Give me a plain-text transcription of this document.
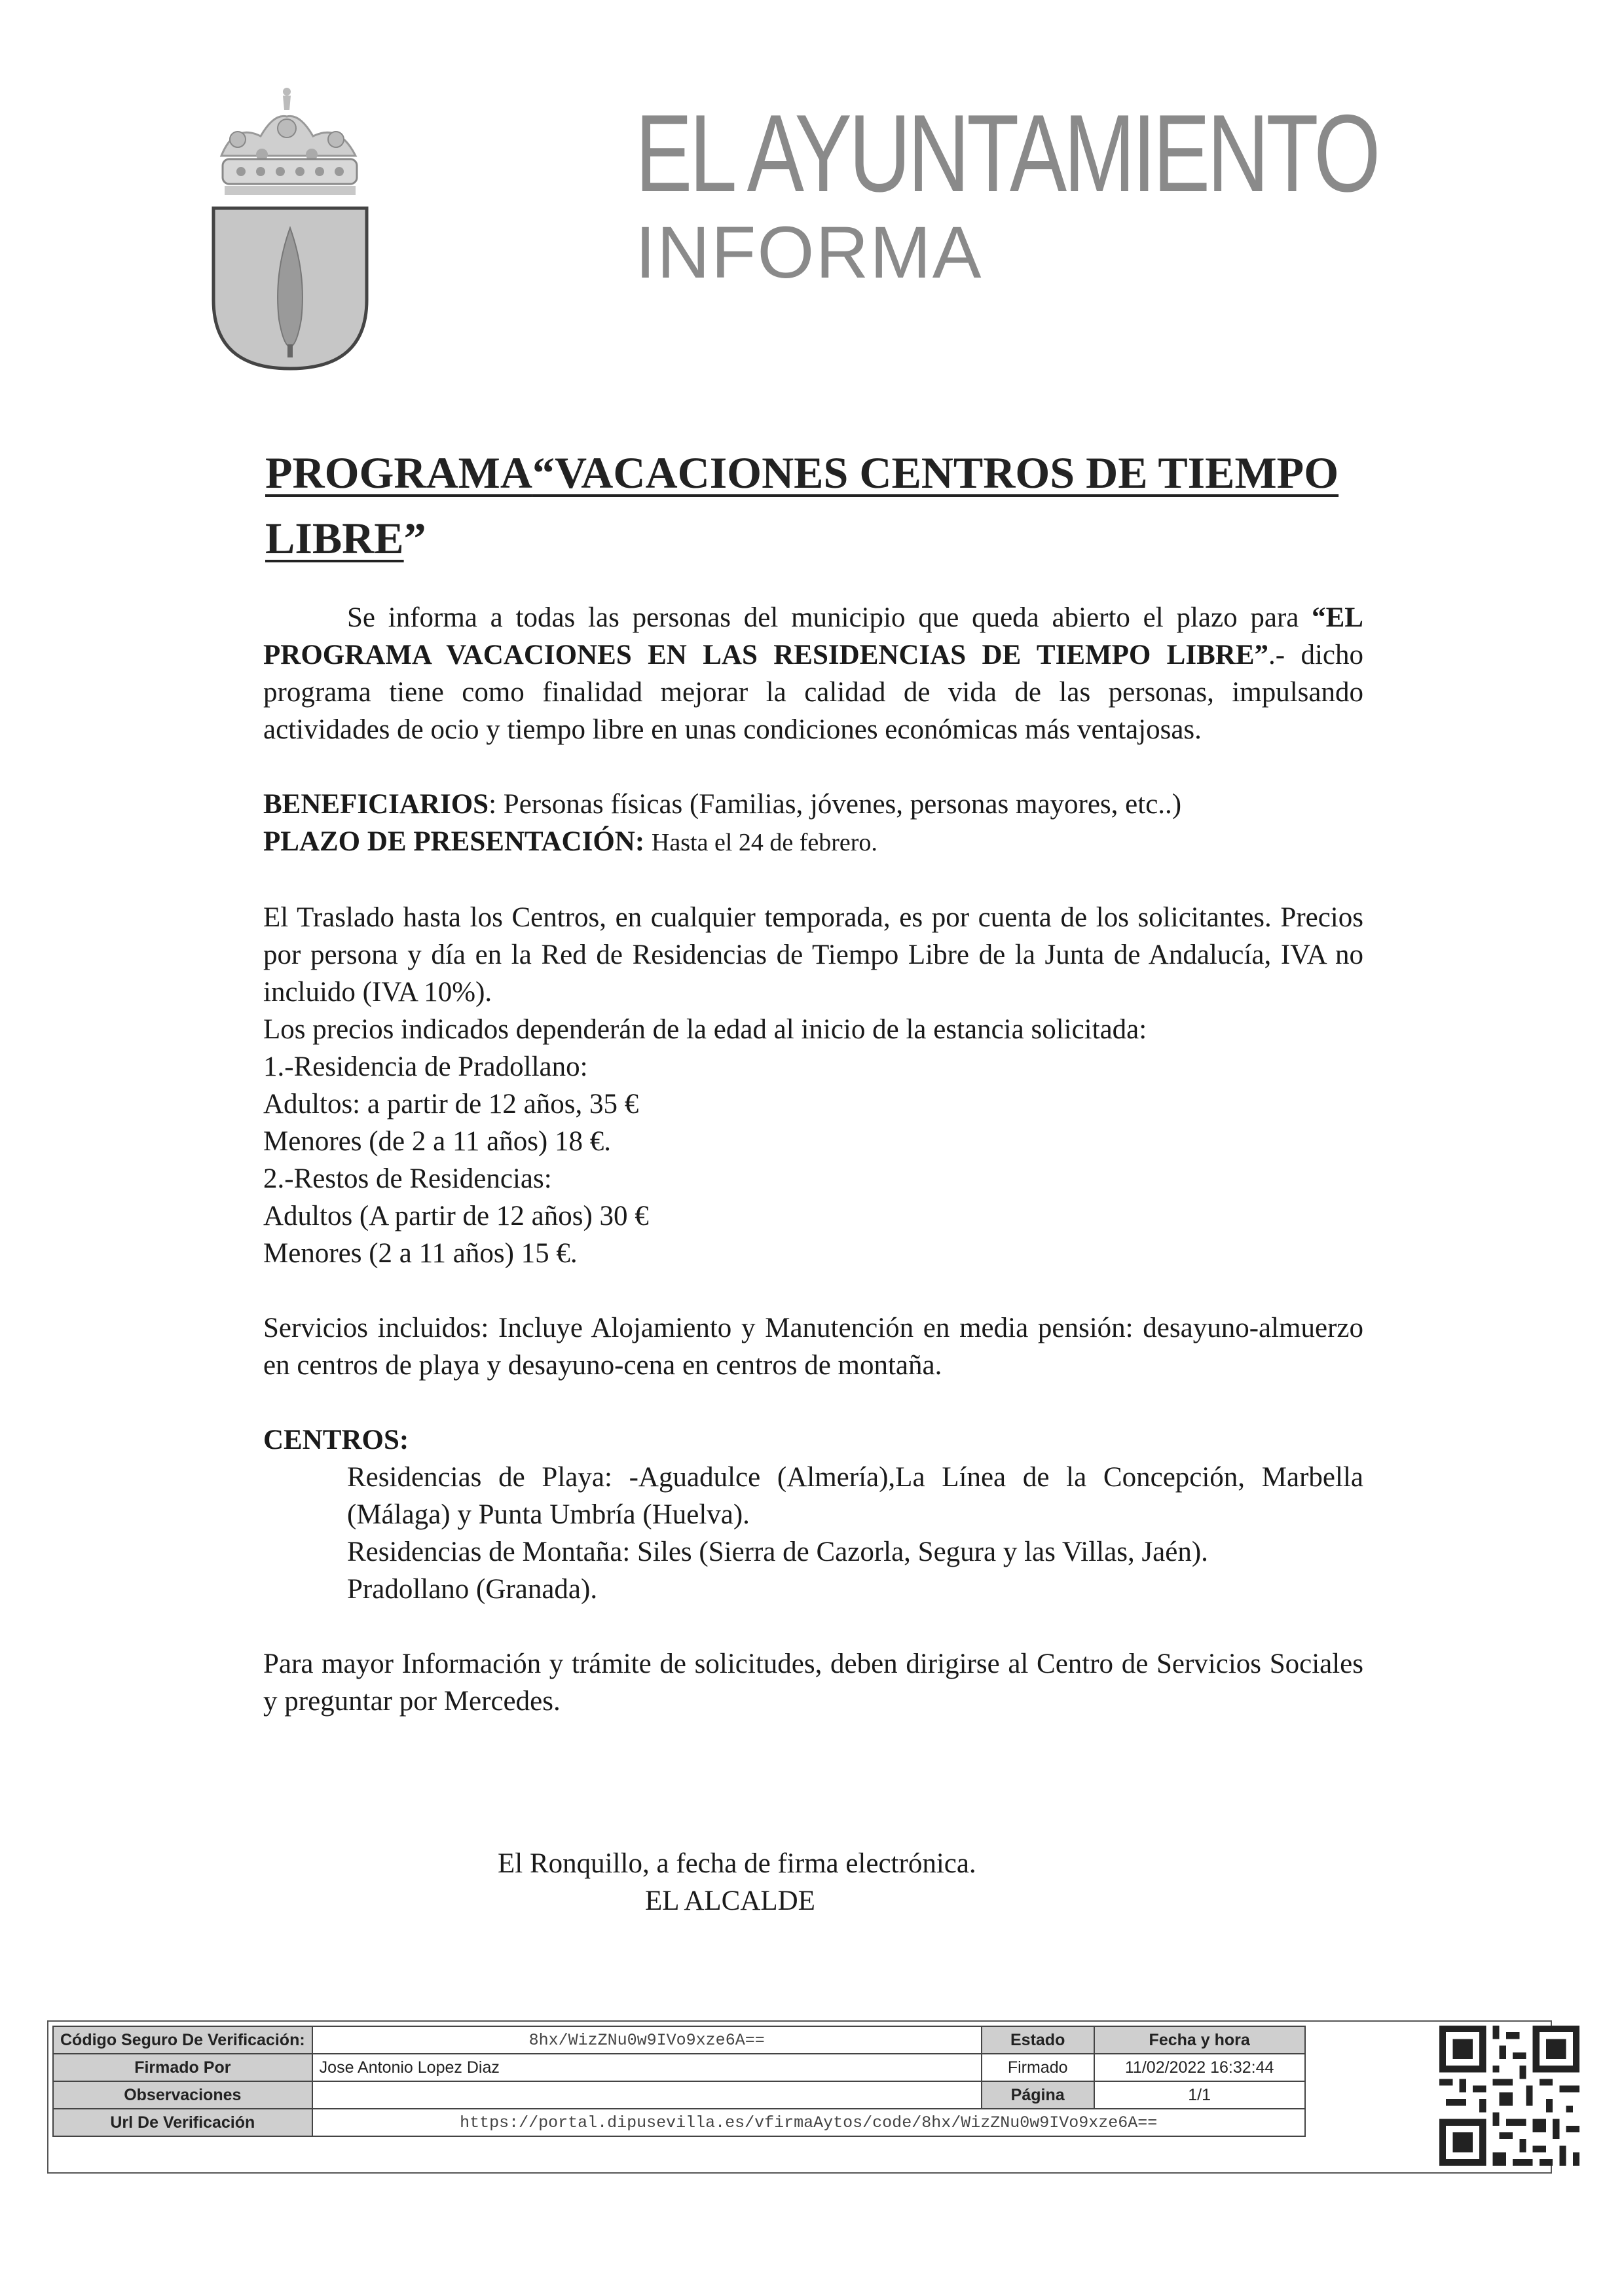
EL AYUNTAMIENTO
INFORMA
PROGRAMA“VACACIONES CENTROS DE TIEMPO LIBRE”

Se informa a todas las personas del municipio que queda abierto el plazo para “EL PROGRAMA VACACIONES EN LAS RESIDENCIAS DE TIEMPO LIBRE”.- dicho programa tiene como finalidad mejorar la calidad de vida de las personas, impulsando actividades de ocio y tiempo libre en unas condiciones económicas más ventajosas.

BENEFICIARIOS: Personas físicas (Familias, jóvenes, personas mayores, etc..)

PLAZO DE PRESENTACIÓN: Hasta el 24 de febrero.

El Traslado hasta los Centros, en cualquier temporada, es por cuenta de los solicitantes. Precios por persona y día en la Red de Residencias de Tiempo Libre de la Junta de Andalucía, IVA no incluido (IVA 10%).

Los precios indicados dependerán de la edad al inicio de la estancia solicitada:

1.-Residencia de Pradollano:

Adultos: a partir de 12 años, 35 €

Menores (de 2 a 11 años) 18 €.

2.-Restos de Residencias:

Adultos (A partir de 12 años) 30 €

Menores (2 a 11 años) 15 €.

Servicios incluidos: Incluye Alojamiento y Manutención en media pensión: desayuno-almuerzo en centros de playa y desayuno-cena en centros de montaña.

CENTROS:

Residencias de Playa: -Aguadulce (Almería),La Línea de la Concepción, Marbella (Málaga) y Punta Umbría (Huelva).

Residencias de Montaña: Siles (Sierra de Cazorla, Segura y las Villas, Jaén).

Pradollano (Granada).

Para mayor Información y trámite de solicitudes, deben dirigirse al Centro de Servicios Sociales y preguntar por Mercedes.

El Ronquillo, a fecha de firma electrónica.
EL ALCALDE
Código Seguro De Verificación:	8hx/WizZNu0w9IVo9xze6A==	Estado	Fecha y hora
Firmado Por	Jose Antonio Lopez Diaz	Firmado	11/02/2022 16:32:44
Observaciones		Página	1/1
Url De Verificación	https://portal.dipusevilla.es/vfirmaAytos/code/8hx/WizZNu0w9IVo9xze6A==		
